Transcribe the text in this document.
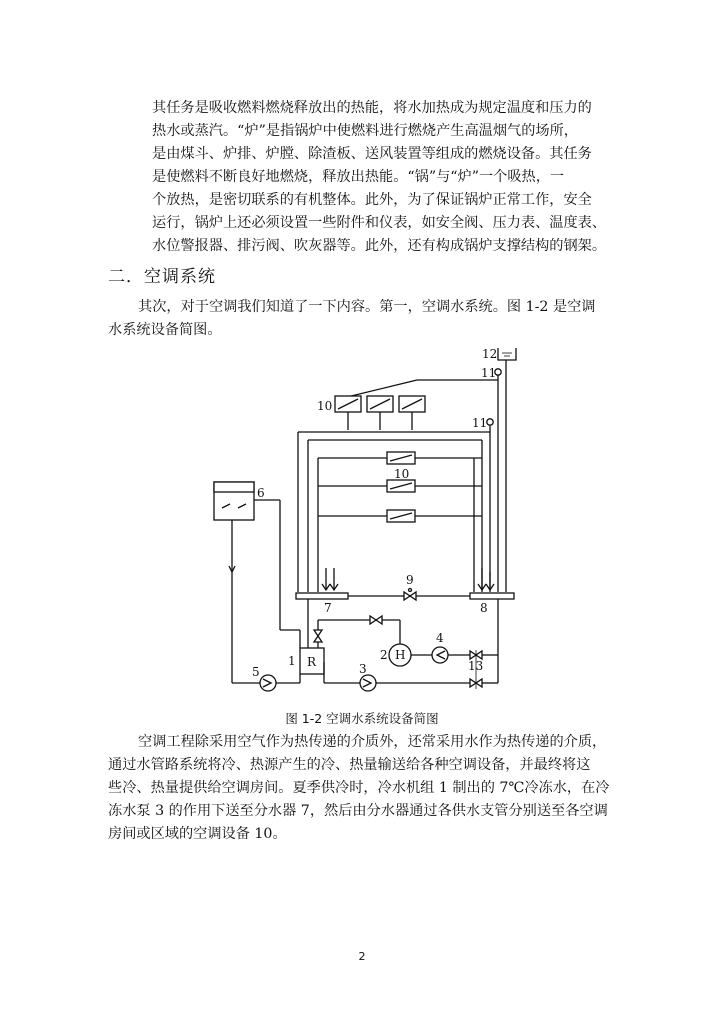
其任务是吸收燃料燃烧释放出的热能，将水加热成为规定温度和压力的
热水或蒸汽。“炉”是指锅炉中使燃料进行燃烧产生高温烟气的场所，
是由煤斗、炉排、炉膛、除渣板、送风装置等组成的燃烧设备。其任务
是使燃料不断良好地燃烧，释放出热能。“锅”与“炉”一个吸热，一
个放热，是密切联系的有机整体。此外，为了保证锅炉正常工作，安全
运行，锅炉上还必须设置一些附件和仪表，如安全阀、压力表、温度表、
水位警报器、排污阀、吹灰器等。此外，还有构成锅炉支撑结构的钢架。
二．空调系统
其次，对于空调我们知道了一下内容。第一，空调水系统。图 1-2 是空调
水系统设备简图。
12
11
11
10
10
6
9
7	8
4
2
1 R	H
3
5	13
图 1-2 空调水系统设备简图
空调工程除采用空气作为热传递的介质外，还常采用水作为热传递的介质，
通过水管路系统将冷、热源产生的冷、热量输送给各种空调设备，并最终将这
些冷、热量提供给空调房间。夏季供冷时，冷水机组 1 制出的 7℃冷冻水，在冷
冻水泵 3 的作用下送至分水器 7，然后由分水器通过各供水支管分别送至各空调
房间或区域的空调设备 10。
2
